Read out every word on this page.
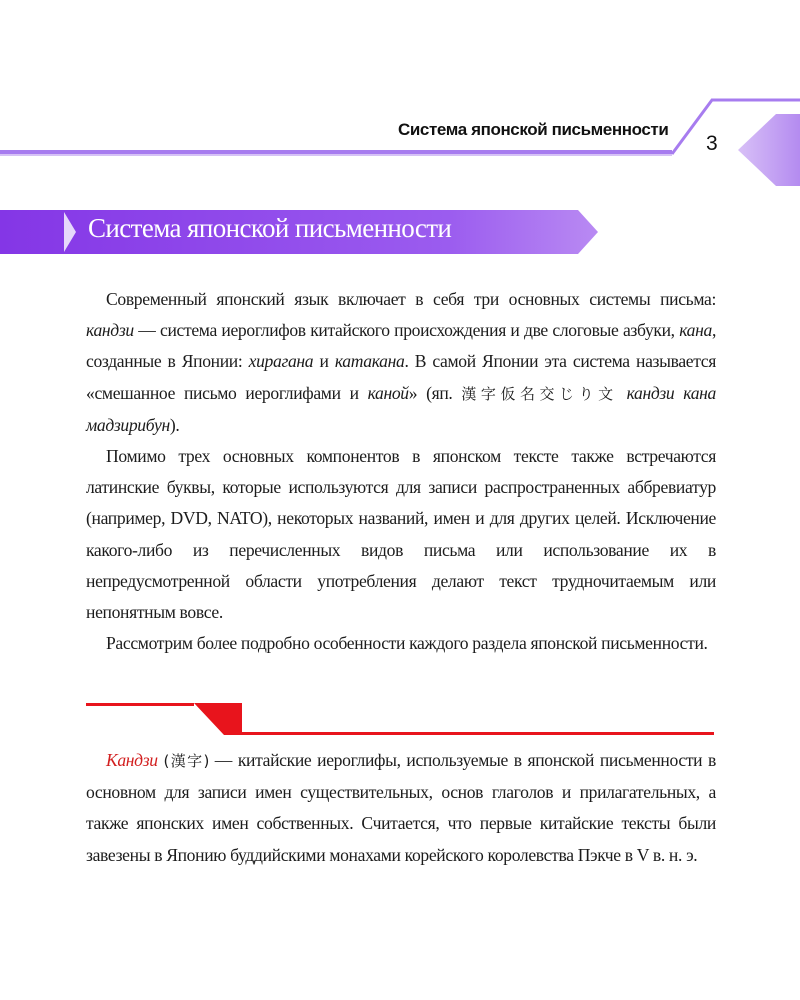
Система японской письменности
3
Система японской письменности

Современный японский язык включает в себя три основных системы письма: кандзи — система иероглифов китайского происхождения и две слоговые азбуки, кана, созданные в Японии: хирагана и катакана. В самой Японии эта система называется «смешанное письмо иероглифами и каной» (яп. 漢字仮名交じり文 кандзи кана мадзирибун).

Помимо трех основных компонентов в японском тексте также встречаются латинские буквы, которые используются для записи распространенных аббревиатур (например, DVD, NATO), некоторых названий, имен и для других целей. Исключение какого-либо из перечисленных видов письма или использование их в непредусмотренной области употребления делают текст трудночитаемым или непонятным вовсе.

Рассмотрим более подробно особенности каждого раздела японской письменности.

Кандзи (漢字) — китайские иероглифы, используемые в японской письменности в основном для записи имен существительных, основ глаголов и прилагательных, а также японских имен собственных. Считается, что первые китайские тексты были завезены в Японию буддийскими монахами корейского королевства Пэкче в V в. н. э.
